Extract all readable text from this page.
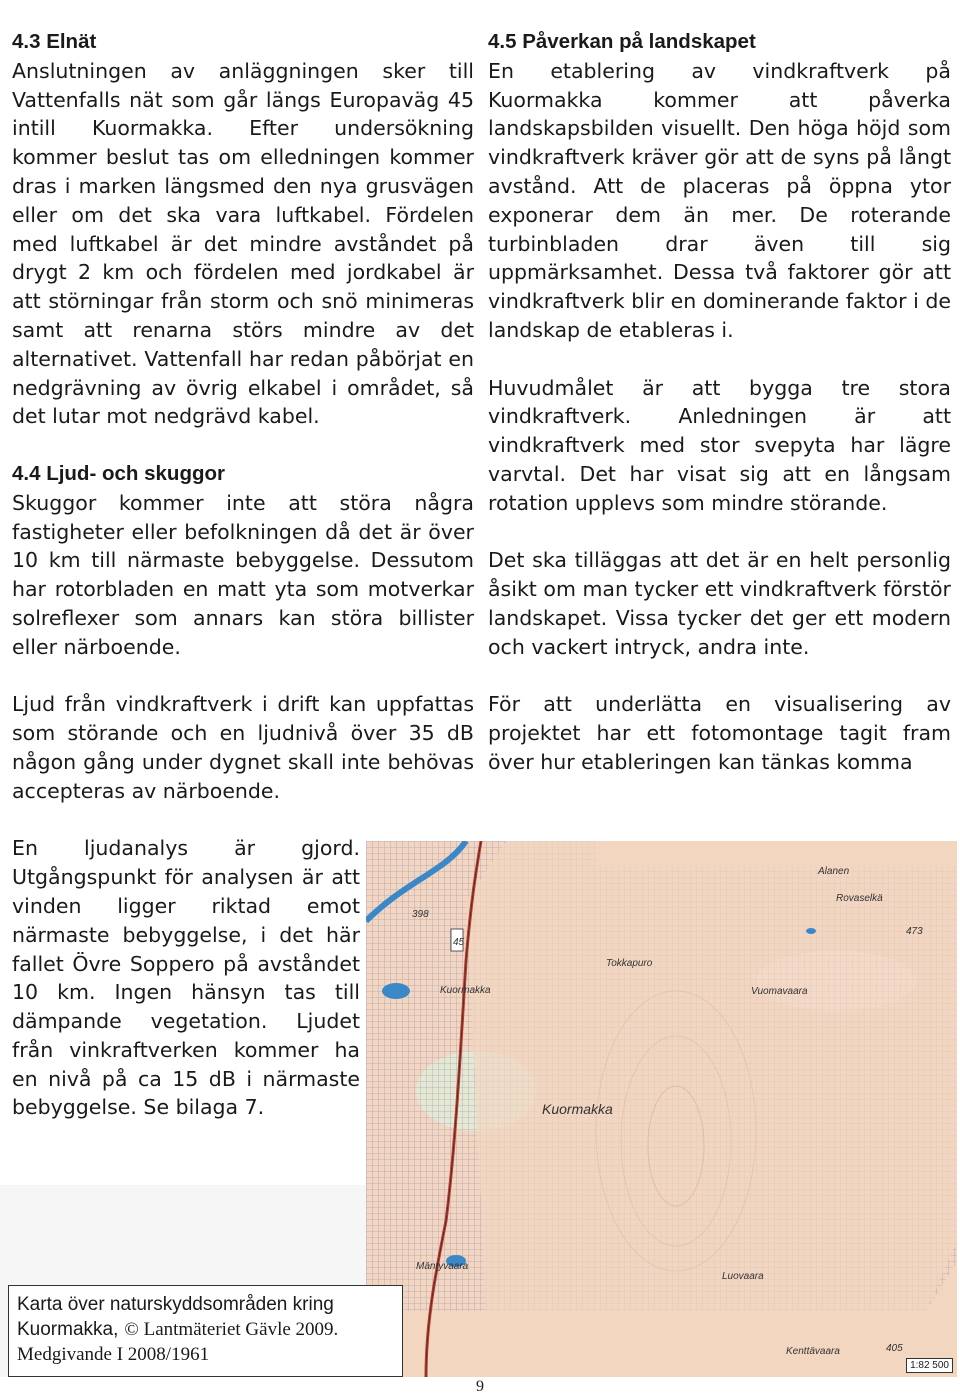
4.3 Elnät

Anslutningen av anläggningen sker till Vattenfalls nät som går längs Europaväg 45 intill Kuormakka. Efter undersökning kommer beslut tas om elledningen kommer dras i marken längsmed den nya grusvägen eller om det ska vara luftkabel. Fördelen med luftkabel är det mindre avståndet på drygt 2 km och fördelen med jordkabel är att störningar från storm och snö minimeras samt att renarna störs mindre av det alternativet. Vattenfall har redan påbörjat en nedgrävning av övrig elkabel i området, så det lutar mot nedgrävd kabel.

4.4 Ljud- och skuggor

Skuggor kommer inte att störa några fastigheter eller befolkningen då det är över 10 km till närmaste bebyggelse. Dessutom har rotorbladen en matt yta som motverkar solreflexer som annars kan störa billister eller närboende.

Ljud från vindkraftverk i drift kan uppfattas som störande och en ljudnivå över 35 dB någon gång under dygnet skall inte behövas accepteras av närboende.

En ljudanalys är gjord. Utgångspunkt för analysen är att vinden ligger riktad emot närmaste bebyggelse, i det här fallet Övre Soppero på avståndet 10 km. Ingen hänsyn tas till dämpande vegetation. Ljudet från vinkraftverken kommer ha en nivå på ca 15 dB i närmaste bebyggelse. Se bilaga 7.

4.5 Påverkan på landskapet

En etablering av vindkraftverk på Kuormakka kommer att påverka landskapsbilden visuellt. Den höga höjd som vindkraftverk kräver gör att de syns på långt avstånd. Att de placeras på öppna ytor exponerar dem än mer. De roterande turbinbladen drar även till sig uppmärksamhet. Dessa två faktorer gör att vindkraftverk blir en dominerande faktor i de landskap de etableras i.

Huvudmålet är att bygga tre stora vindkraftverk. Anledningen är att vindkraftverk med stor svepyta har lägre varvtal. Det har visat sig att en långsam rotation upplevs som mindre störande.

Det ska tilläggas att det är en helt personlig åsikt om man tycker ett vindkraftverk förstör landskapet. Vissa tycker det ger ett modern och vackert intryck, andra inte.

För att underlätta en visualisering av projektet har ett fotomontage tagit fram över hur etableringen kan tänkas komma

45
398
Alanen
Rovaselkä
473
Tokkapuro
Kuormakka	Vuomavaara
Kuormakka
Mäntyvaara
Luovaara
Kenttävaara	405
1:82 500
Karta över naturskyddsområden kring
Kuormakka, © Lantmäteriet Gävle 2009.
Medgivande I 2008/1961
9
